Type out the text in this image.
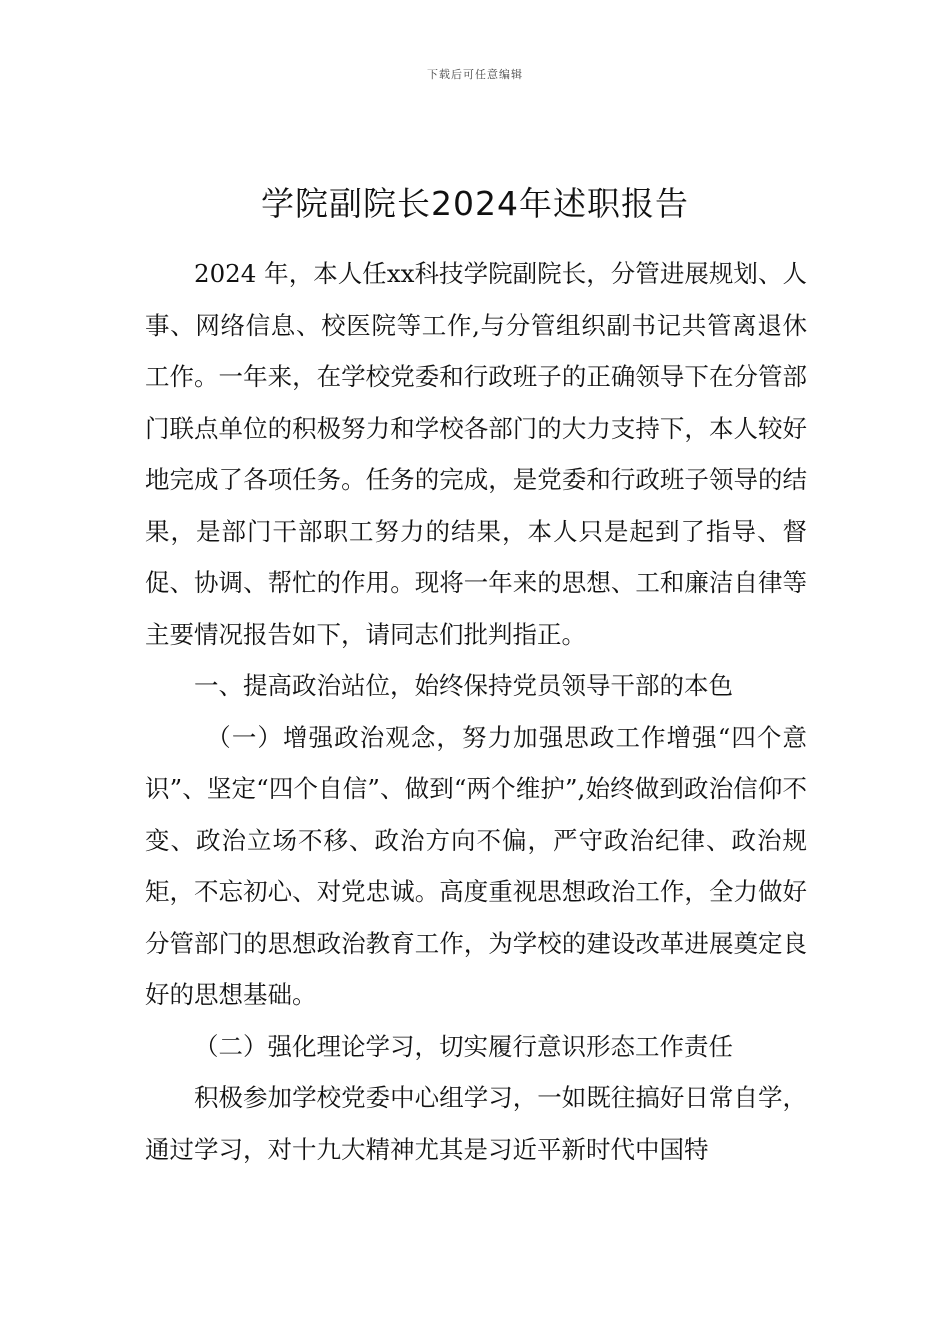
下载后可任意编辑
学院副院长2024年述职报告

2024 年，本人任xx科技学院副院长，分管进展规划、人事、网络信息、校医院等工作,与分管组织副书记共管离退休工作。一年来，在学校党委和行政班子的正确领导下在分管部门联点单位的积极努力和学校各部门的大力支持下，本人较好地完成了各项任务。任务的完成，是党委和行政班子领导的结果，是部门干部职工努力的结果，本人只是起到了指导、督促、协调、帮忙的作用。现将一年来的思想、工和廉洁自律等主要情况报告如下，请同志们批判指正。

一、提高政治站位，始终保持党员领导干部的本色

（一）增强政治观念，努力加强思政工作增强“四个意识”、坚定“四个自信”、做到“两个维护”,始终做到政治信仰不变、政治立场不移、政治方向不偏，严守政治纪律、政治规矩，不忘初心、对党忠诚。高度重视思想政治工作，全力做好分管部门的思想政治教育工作，为学校的建设改革进展奠定良好的思想基础。

（二）强化理论学习，切实履行意识形态工作责任

积极参加学校党委中心组学习，一如既往搞好日常自学，通过学习，对十九大精神尤其是习近平新时代中国特
